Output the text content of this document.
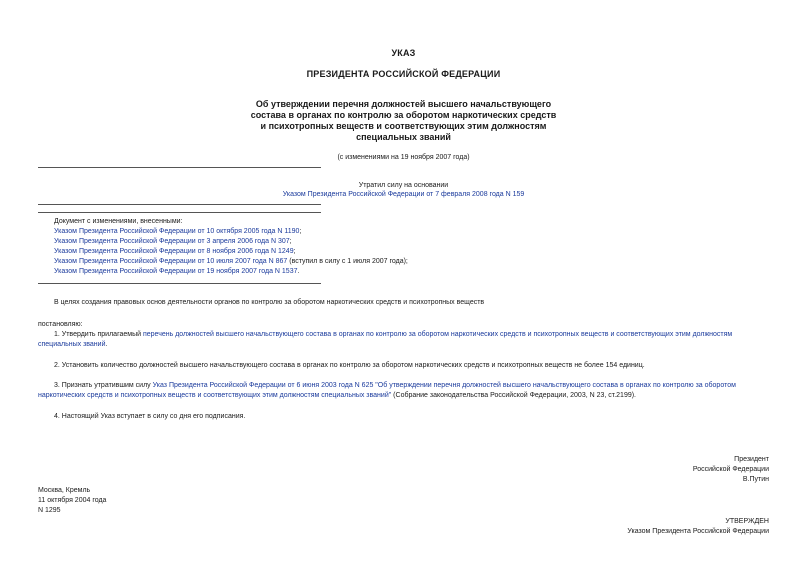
УКАЗ
ПРЕЗИДЕНТА РОССИЙСКОЙ ФЕДЕРАЦИИ
Об утверждении перечня должностей высшего начальствующего
состава в органах по контролю за оборотом наркотических средств
и психотропных веществ и соответствующих этим должностям
специальных званий
(с изменениями на 19 ноября 2007 года)
Утратил силу на основании
Указом Президента Российской Федерации от 7 февраля 2008 года N 159
Документ с изменениями, внесенными:
Указом Президента Российской Федерации от 10 октября 2005 года N 1190;
Указом Президента Российской Федерации от 3 апреля 2006 года N 307;
Указом Президента Российской Федерации от 8 ноября 2006 года N 1249;
Указом Президента Российской Федерации от 10 июля 2007 года N 867 (вступил в силу с 1 июля 2007 года);
Указом Президента Российской Федерации от 19 ноября 2007 года N 1537.
В целях создания правовых основ деятельности органов по контролю за оборотом наркотических средств и психотропных веществ
постановляю:
1. Утвердить прилагаемый перечень должностей высшего начальствующего состава в органах по контролю за оборотом наркотических средств и психотропных веществ и соответствующих этим должностям
специальных званий.
2. Установить количество должностей высшего начальствующего состава в органах по контролю за оборотом наркотических средств и психотропных веществ не более 154 единиц.
3. Признать утратившим силу Указ Президента Российской Федерации от 6 июня 2003 года N 625 "Об утверждении перечня должностей высшего начальствующего состава в органах по контролю за оборотом
наркотических средств и психотропных веществ и соответствующих этим должностям специальных званий" (Собрание законодательства Российской Федерации, 2003, N 23, ст.2199).
4. Настоящий Указ вступает в силу со дня его подписания.
Президент
Российской Федерации
В.Путин
Москва, Кремль
11 октября 2004 года
N 1295
УТВЕРЖДЕН
Указом Президента Российской Федерации
